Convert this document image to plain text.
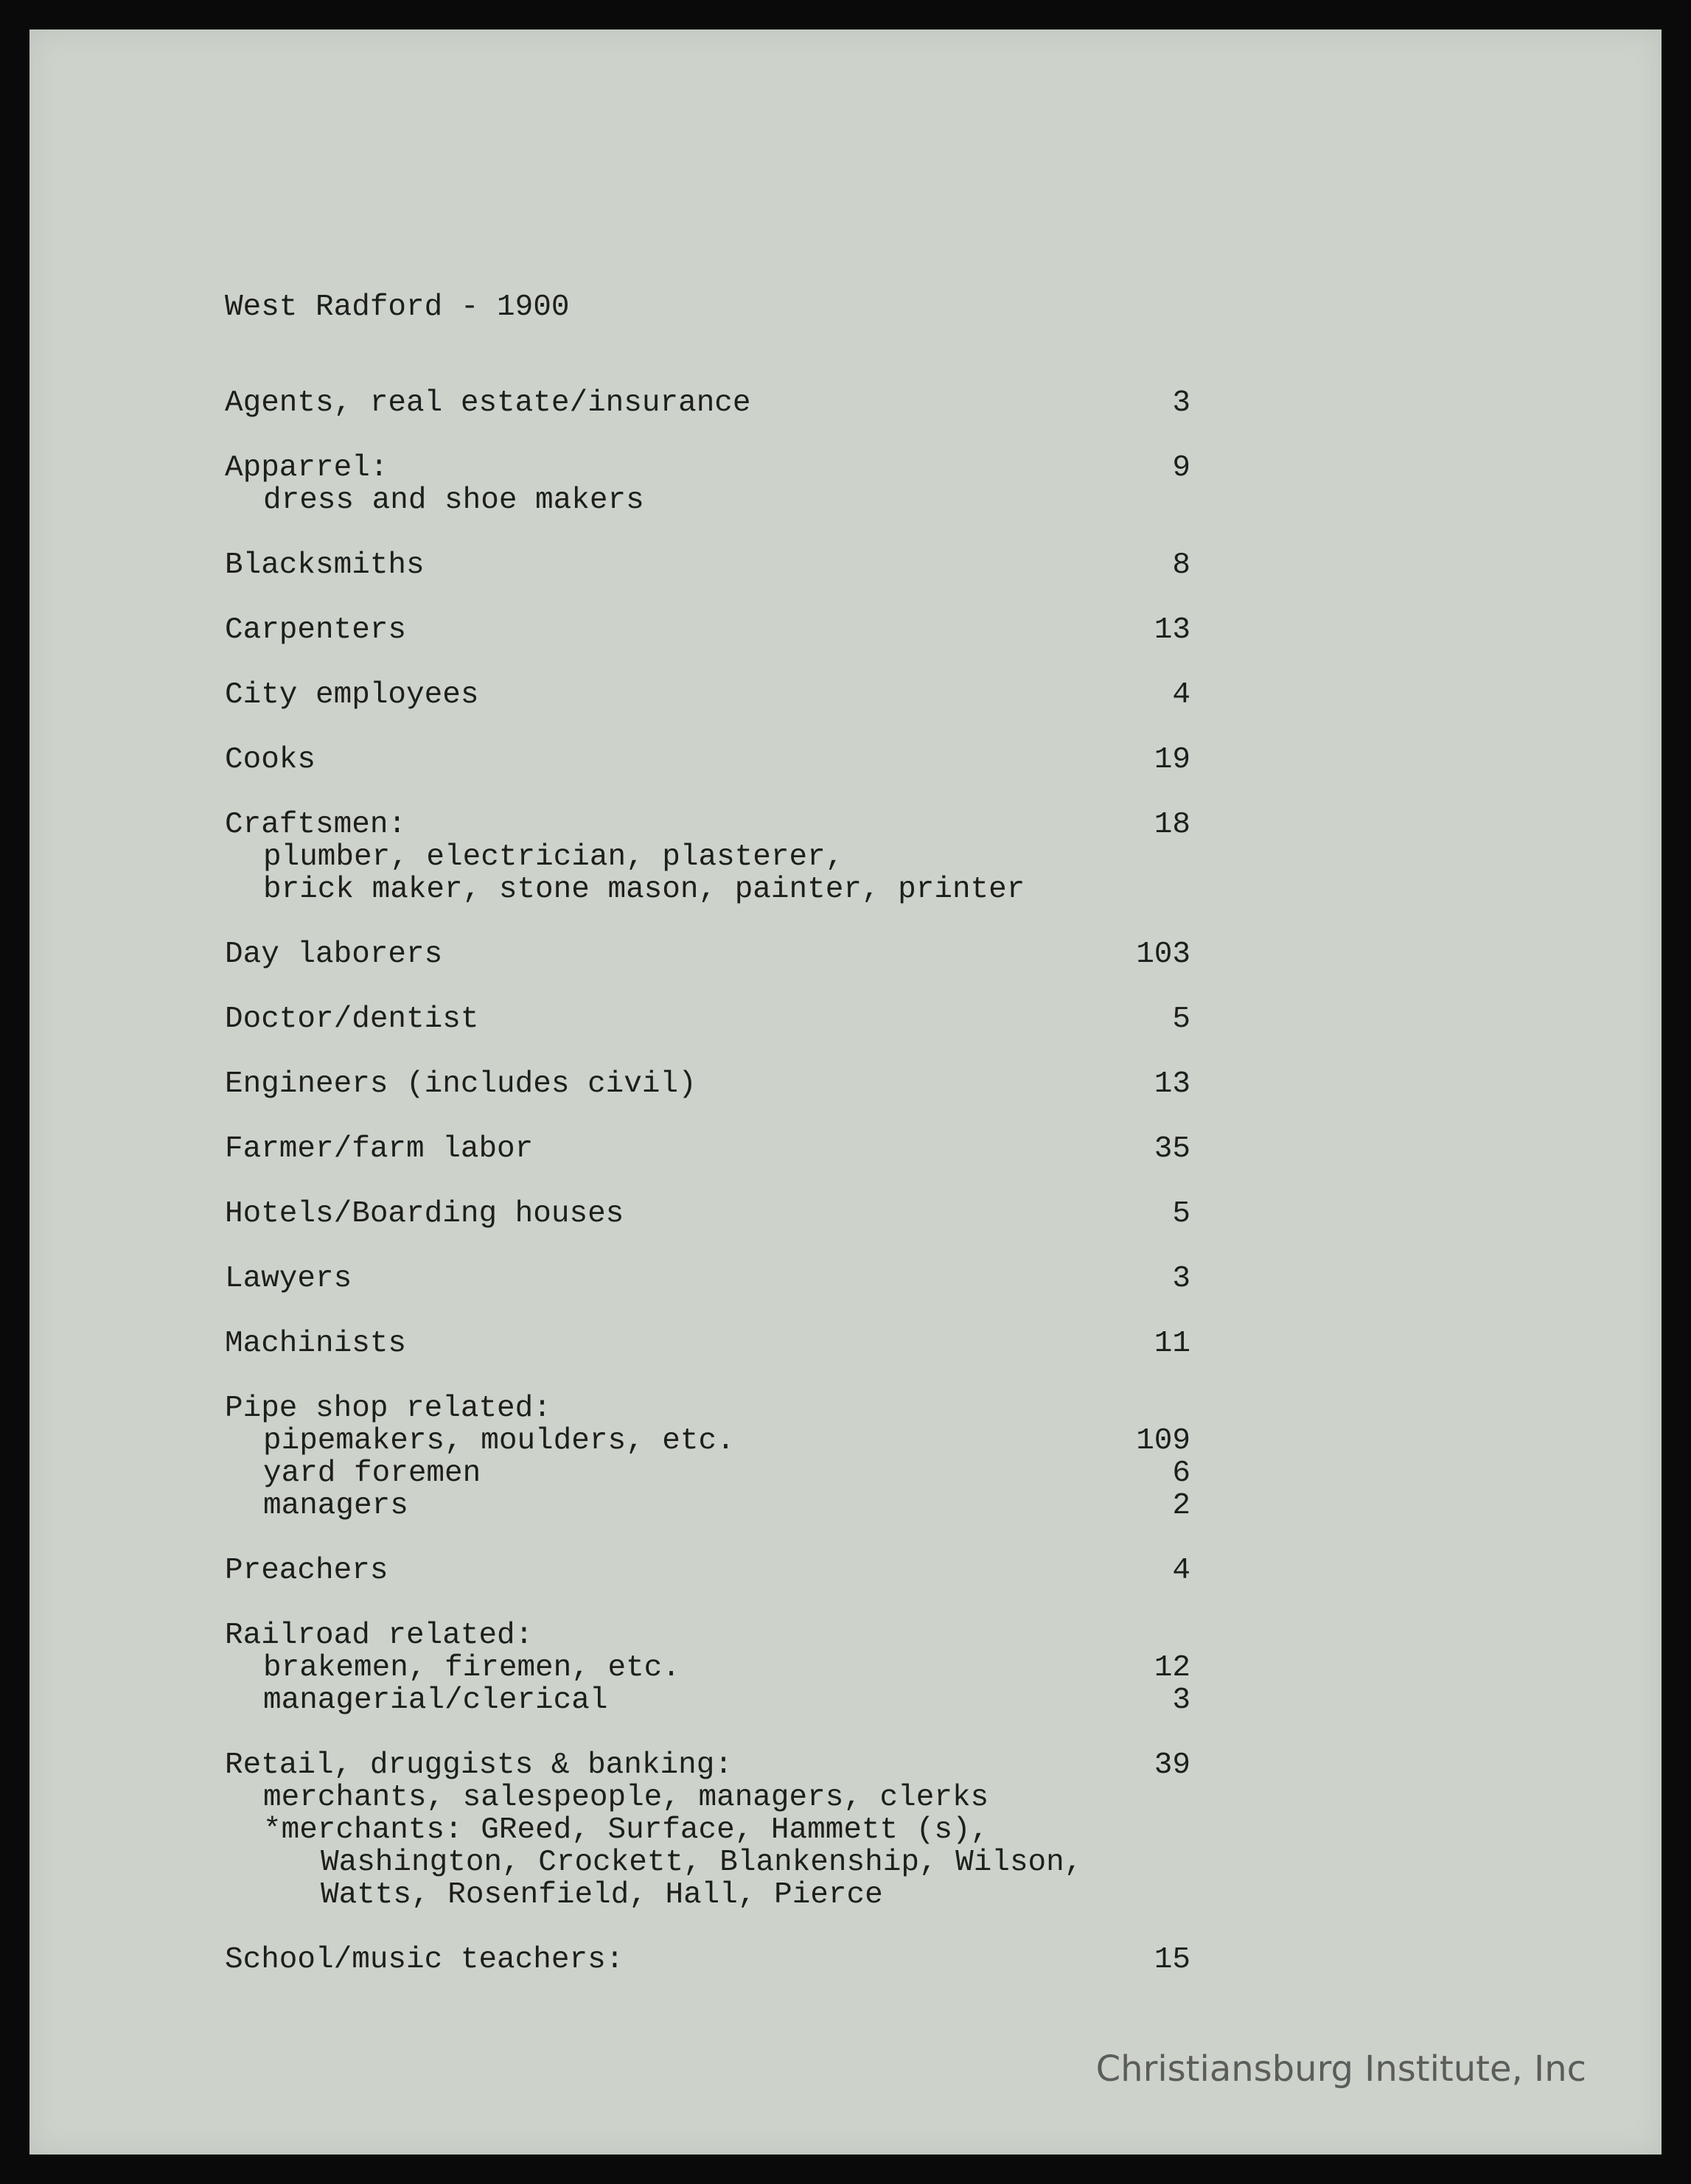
West Radford - 1900
Agents, real estate/insurance	3
Apparrel:	9
dress and shoe makers
Blacksmiths	8
Carpenters	13
City employees	4
Cooks	19
Craftsmen:	18
plumber, electrician, plasterer,
brick maker, stone mason, painter, printer
Day laborers	103
Doctor/dentist	5
Engineers (includes civil)	13
Farmer/farm labor	35
Hotels/Boarding houses	5
Lawyers	3
Machinists	11
Pipe shop related:
pipemakers, moulders, etc.	109
yard foremen	6
managers	2
Preachers	4
Railroad related:
brakemen, firemen, etc.	12
managerial/clerical	3
Retail, druggists & banking:	39
merchants, salespeople, managers, clerks
*merchants: GReed, Surface, Hammett (s),
Washington, Crockett, Blankenship, Wilson,
Watts, Rosenfield, Hall, Pierce
School/music teachers:	15
Christiansburg Institute, Inc
